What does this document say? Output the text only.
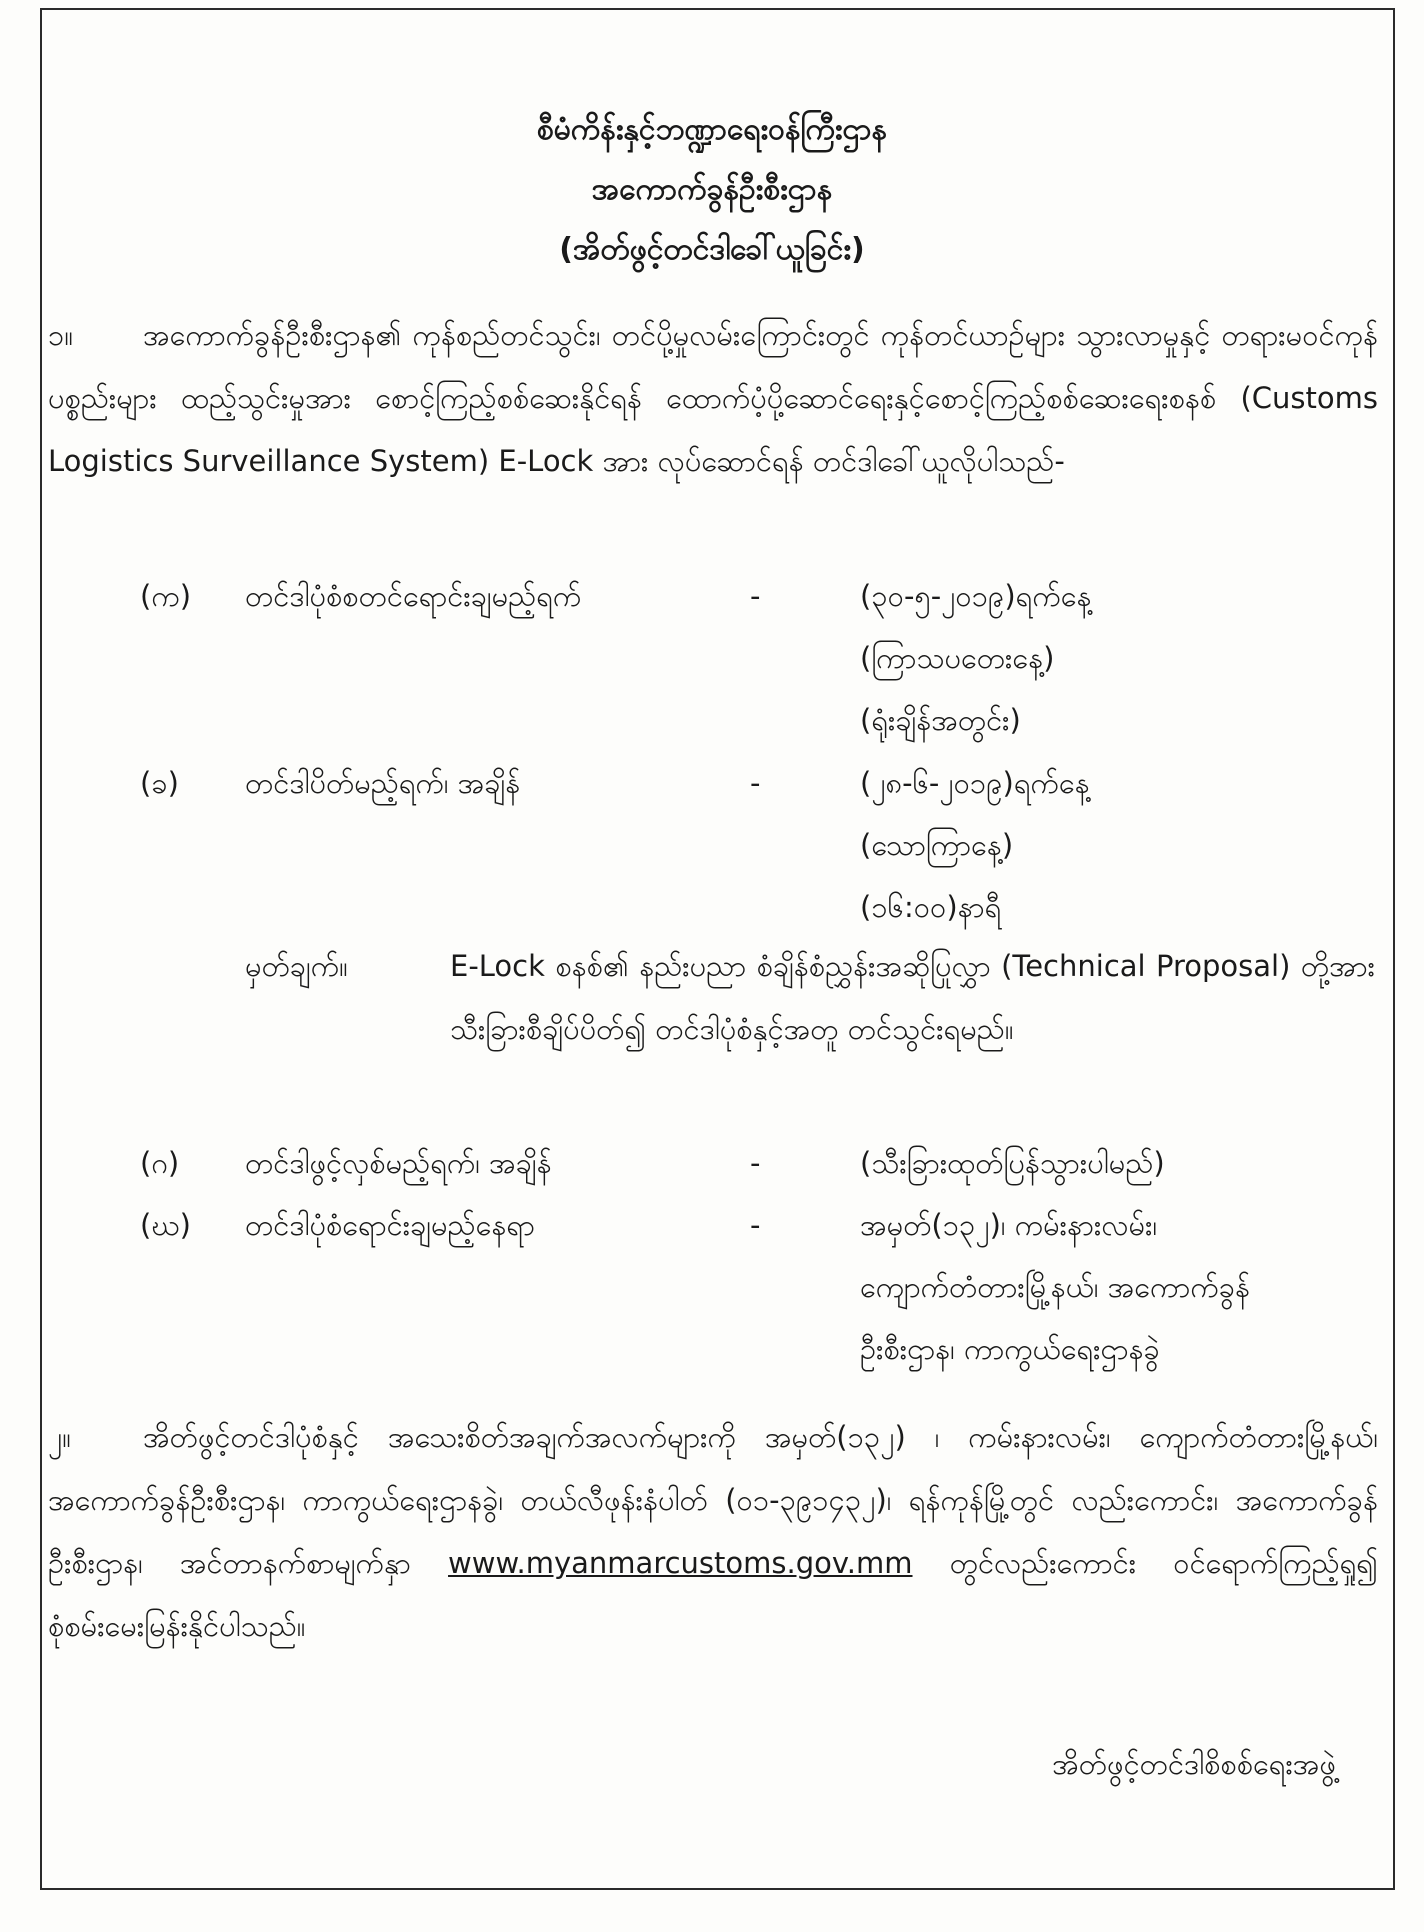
စီမံကိန်းနှင့်ဘဏ္ဍာရေးဝန်ကြီးဌာန
အကောက်ခွန်ဦးစီးဌာန
(အိတ်ဖွင့်တင်ဒါခေါ်ယူခြင်း)
၁။ အကောက်ခွန်ဦးစီးဌာန၏ ကုန်စည်တင်သွင်း၊ တင်ပို့မှုလမ်းကြောင်းတွင် ကုန်တင်ယာဉ်များ သွားလာမှုနှင့် တရားမဝင်ကုန်ပစ္စည်းများ ထည့်သွင်းမှုအား စောင့်ကြည့်စစ်ဆေးနိုင်ရန် ထောက်ပံ့ပို့ဆောင်ရေးနှင့်စောင့်ကြည့်စစ်ဆေးရေးစနစ် (Customs Logistics Surveillance System) E-Lock အား လုပ်ဆောင်ရန် တင်ဒါခေါ်ယူလိုပါသည်-
(က) တင်ဒါပုံစံစတင်ရောင်းချမည့်ရက်	-	(၃၀-၅-၂၀၁၉)ရက်နေ့
(ကြာသပတေးနေ့)
(ရုံးချိန်အတွင်း)
(ခ) တင်ဒါပိတ်မည့်ရက်၊ အချိန်	-	(၂၈-၆-၂၀၁၉)ရက်နေ့
(သောကြာနေ့)
(၁၆:၀၀)နာရီ
မှတ်ချက်။	E-Lock စနစ်၏ နည်းပညာ စံချိန်စံညွှန်းအဆိုပြုလွှာ (Technical Proposal) တို့အား သီးခြားစီချိပ်ပိတ်၍ တင်ဒါပုံစံနှင့်အတူ တင်သွင်းရမည်။
(ဂ) တင်ဒါဖွင့်လှစ်မည့်ရက်၊ အချိန်	-	(သီးခြားထုတ်ပြန်သွားပါမည်)
(ဃ) တင်ဒါပုံစံရောင်းချမည့်နေရာ	-	အမှတ်(၁၃၂)၊ ကမ်းနားလမ်း၊
ကျောက်တံတားမြို့နယ်၊ အကောက်ခွန်
ဦးစီးဌာန၊ ကာကွယ်ရေးဌာနခွဲ
၂။ အိတ်ဖွင့်တင်ဒါပုံစံနှင့် အသေးစိတ်အချက်အလက်များကို အမှတ်(၁၃၂) ၊ ကမ်းနားလမ်း၊ ကျောက်တံတားမြို့နယ်၊ အကောက်ခွန်ဦးစီးဌာန၊ ကာကွယ်ရေးဌာနခွဲ၊ တယ်လီဖုန်းနံပါတ် (၀၁-၃၉၁၄၃၂)၊ ရန်ကုန်မြို့တွင် လည်းကောင်း၊ အကောက်ခွန်ဦးစီးဌာန၊ အင်တာနက်စာမျက်နှာ www.myanmarcustoms.gov.mm တွင်လည်းကောင်း ဝင်ရောက်ကြည့်ရှု၍ စုံစမ်းမေးမြန်းနိုင်ပါသည်။
အိတ်ဖွင့်တင်ဒါစိစစ်ရေးအဖွဲ့
